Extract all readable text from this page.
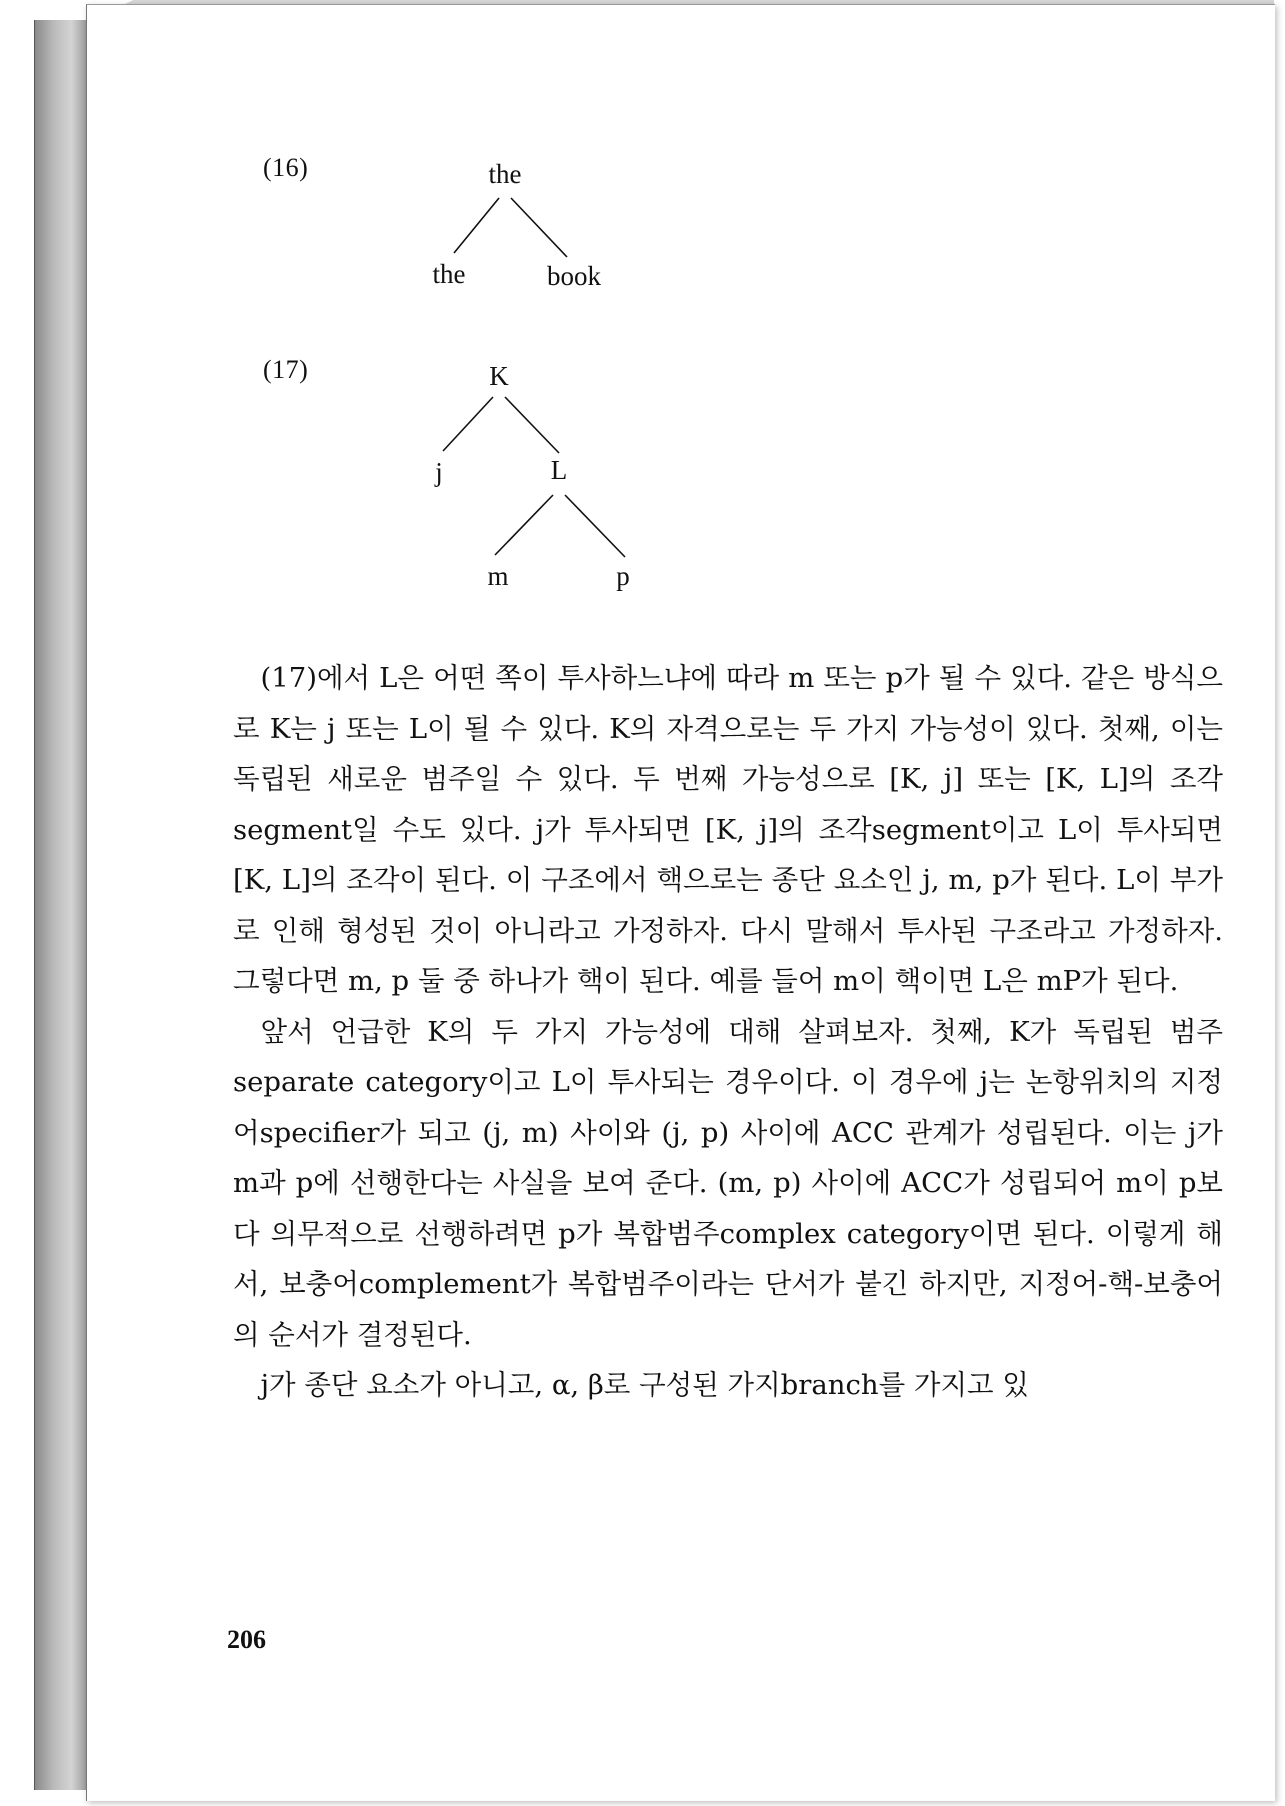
(16)	the
the	book
(17)	K
j	L
m	p

(17)에서 L은 어떤 쪽이 투사하느냐에 따라 m 또는 p가 될 수 있다. 같은 방식으로 K는 j 또는 L이 될 수 있다. K의 자격으로는 두 가지 가능성이 있다. 첫째, 이는 독립된 새로운 범주일 수 있다. 두 번째 가능성으로 [K, j] 또는 [K, L]의 조각segment일 수도 있다. j가 투사되면 [K, j]의 조각segment이고 L이 투사되면 [K, L]의 조각이 된다. 이 구조에서 핵으로는 종단 요소인 j, m, p가 된다. L이 부가로 인해 형성된 것이 아니라고 가정하자. 다시 말해서 투사된 구조라고 가정하자. 그렇다면 m, p 둘 중 하나가 핵이 된다. 예를 들어 m이 핵이면 L은 mP가 된다.

앞서 언급한 K의 두 가지 가능성에 대해 살펴보자. 첫째, K가 독립된 범주separate category이고 L이 투사되는 경우이다. 이 경우에 j는 논항위치의 지정어specifier가 되고 (j, m) 사이와 (j, p) 사이에 ACC 관계가 성립된다. 이는 j가 m과 p에 선행한다는 사실을 보여 준다. (m, p) 사이에 ACC가 성립되어 m이 p보다 의무적으로 선행하려면 p가 복합범주complex category이면 된다. 이렇게 해서, 보충어complement가 복합범주이라는 단서가 붙긴 하지만, 지정어-핵-보충어의 순서가 결정된다.

j가 종단 요소가 아니고, α, β로 구성된 가지branch를 가지고 있

206
